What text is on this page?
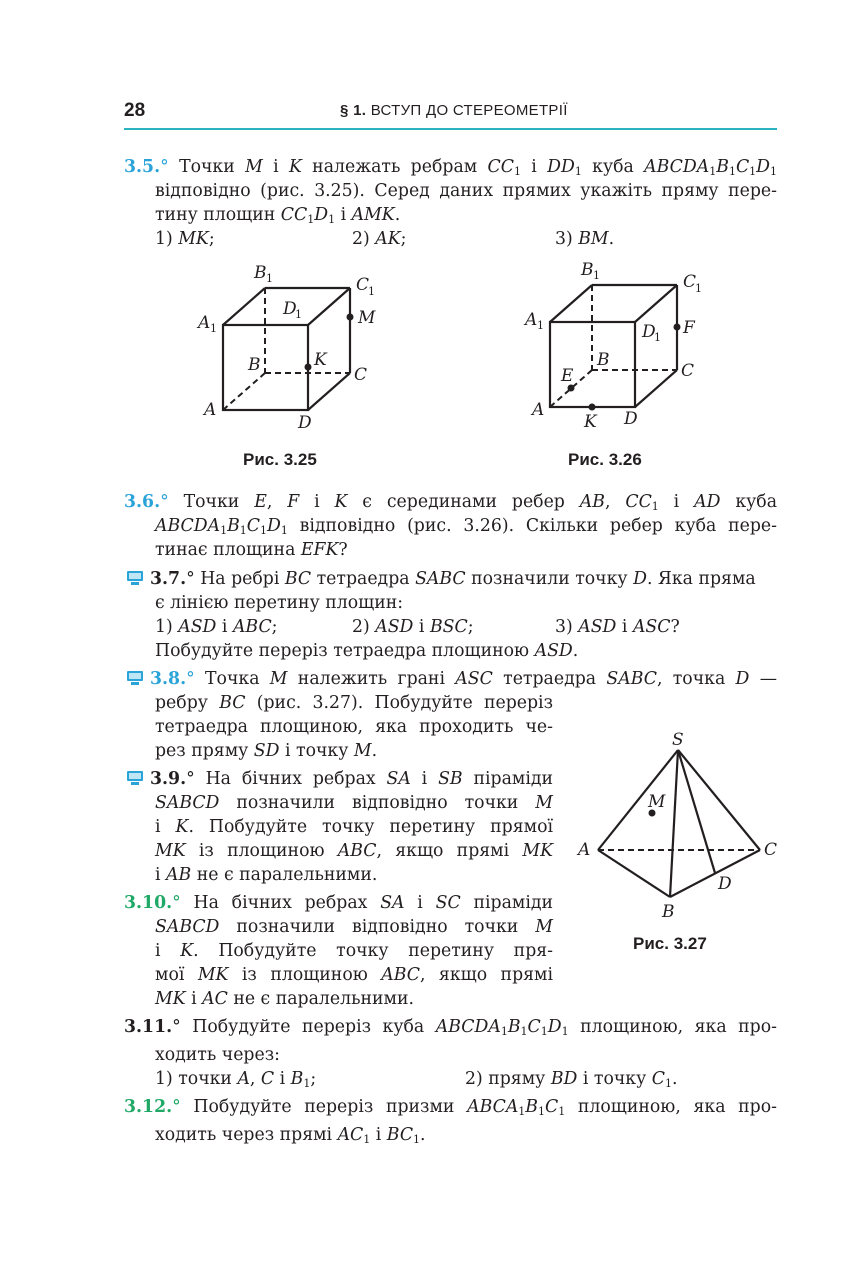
28	§ 1. ВСТУП ДО СТЕРЕОМЕТРІЇ
3.5.° Точки M і K належать ребрам $CC_1$ і $DD_1$ куба $ABCDA_1B_1C_1D_1$
відповідно (рис. 3.25). Серед даних прямих укажіть пряму пере-
тину площин $CC_1D_1$ і AMK.
1) MK;	2) AK;	3) BM.
A
B	C
D
A 1
B 1	C
1
D
1	M
K
Рис. 3.25
A
B
C
D
A 1
B 1	C
1
D
1
E
F
K
Рис. 3.26
3.6.° Точки E, F і K є серединами ребер AB, $CC_1$ і AD куба
$ABCDA_1B_1C_1D_1$ відповідно (рис. 3.26). Скільки ребер куба пере-
тинає площина EFK?
3.7.° На ребрі BC тетраедра SABC позначили точку D. Яка пряма
є лінією перетину площин:
1) ASD і ABC;	2) ASD і BSC;	3) ASD і ASC?
Побудуйте переріз тетраедра площиною ASD.
3.8.° Точка M належить грані ASC тетраедра SABC, точка D —
ребру BC (рис. 3.27). Побудуйте переріз
тетраедра площиною, яка проходить че-
рез пряму SD і точку M.
3.9.° На бічних ребрах SA і SB піраміди
SABCD позначили відповідно точки M
і K. Побудуйте точку перетину прямої
MK із площиною ABC, якщо прямі MK
і AB не є паралельними.
3.10.° На бічних ребрах SA і SC піраміди
SABCD позначили відповідно точки M
і K. Побудуйте точку перетину пря-
мої MK із площиною ABC, якщо прямі
MK і AC не є паралельними.
S
M
A	C
B
D
Рис. 3.27
3.11.° Побудуйте переріз куба $ABCDA_1B_1C_1D_1$ площиною, яка про-
ходить через:
1) точки A, C і $B_1$;	2) пряму BD і точку $C_1$.
3.12.° Побудуйте переріз призми $ABCA_1B_1C_1$ площиною, яка про-
ходить через прямі $AC_1$ і $BC_1$.
